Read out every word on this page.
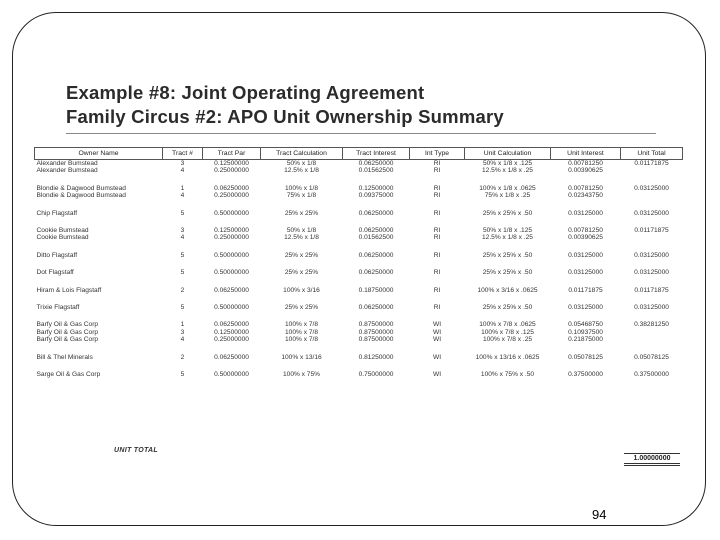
Example #8: Joint Operating Agreement
Family Circus #2: APO Unit Ownership Summary
Owner Name	Tract #	Tract Par	Tract Calculation	Tract Interest	Int Type	Unit Calculation	Unit Interest	Unit Total
Alexander Bumstead	3	0.12500000	50% x 1/8	0.06250000	RI	50% x 1/8 x .125	0.00781250	0.01171875
Alexander Bumstead	4	0.25000000	12.5% x 1/8	0.01562500	RI	12.5% x 1/8 x .25	0.00390625	

Blondie & Dagwood Bumstead	1	0.06250000	100% x 1/8	0.12500000	RI	100% x 1/8 x .0625	0.00781250	0.03125000
Blondie & Dagwood Bumstead	4	0.25000000	75% x 1/8	0.09375000	RI	75% x 1/8 x .25	0.02343750	

Chip Flagstaff	5	0.50000000	25% x 25%	0.06250000	RI	25% x 25% x .50	0.03125000	0.03125000

Cookie Bumstead	3	0.12500000	50% x 1/8	0.06250000	RI	50% x 1/8 x .125	0.00781250	0.01171875
Cookie Bumstead	4	0.25000000	12.5% x 1/8	0.01562500	RI	12.5% x 1/8 x .25	0.00390625	

Ditto Flagstaff	5	0.50000000	25% x 25%	0.06250000	RI	25% x 25% x .50	0.03125000	0.03125000

Dot Flagstaff	5	0.50000000	25% x 25%	0.06250000	RI	25% x 25% x .50	0.03125000	0.03125000

Hiram & Lois Flagstaff	2	0.06250000	100% x 3/16	0.18750000	RI	100% x 3/16 x .0625	0.01171875	0.01171875

Trixie Flagstaff	5	0.50000000	25% x 25%	0.06250000	RI	25% x 25% x .50	0.03125000	0.03125000

Barfy Oil & Gas Corp	1	0.06250000	100% x 7/8	0.87500000	WI	100% x 7/8 x .0625	0.05468750	0.38281250
Barfy Oil & Gas Corp	3	0.12500000	100% x 7/8	0.87500000	WI	100% x 7/8 x .125	0.10937500	
Barfy Oil & Gas Corp	4	0.25000000	100% x 7/8	0.87500000	WI	100% x 7/8 x .25	0.21875000	

Bill & Thel Minerals	2	0.06250000	100% x 13/16	0.81250000	WI	100% x 13/16 x .0625	0.05078125	0.05078125

Sarge Oil & Gas Corp	5	0.50000000	100% x 75%	0.75000000	WI	100% x 75% x .50	0.37500000	0.37500000
UNIT TOTAL
1.00000000
94
